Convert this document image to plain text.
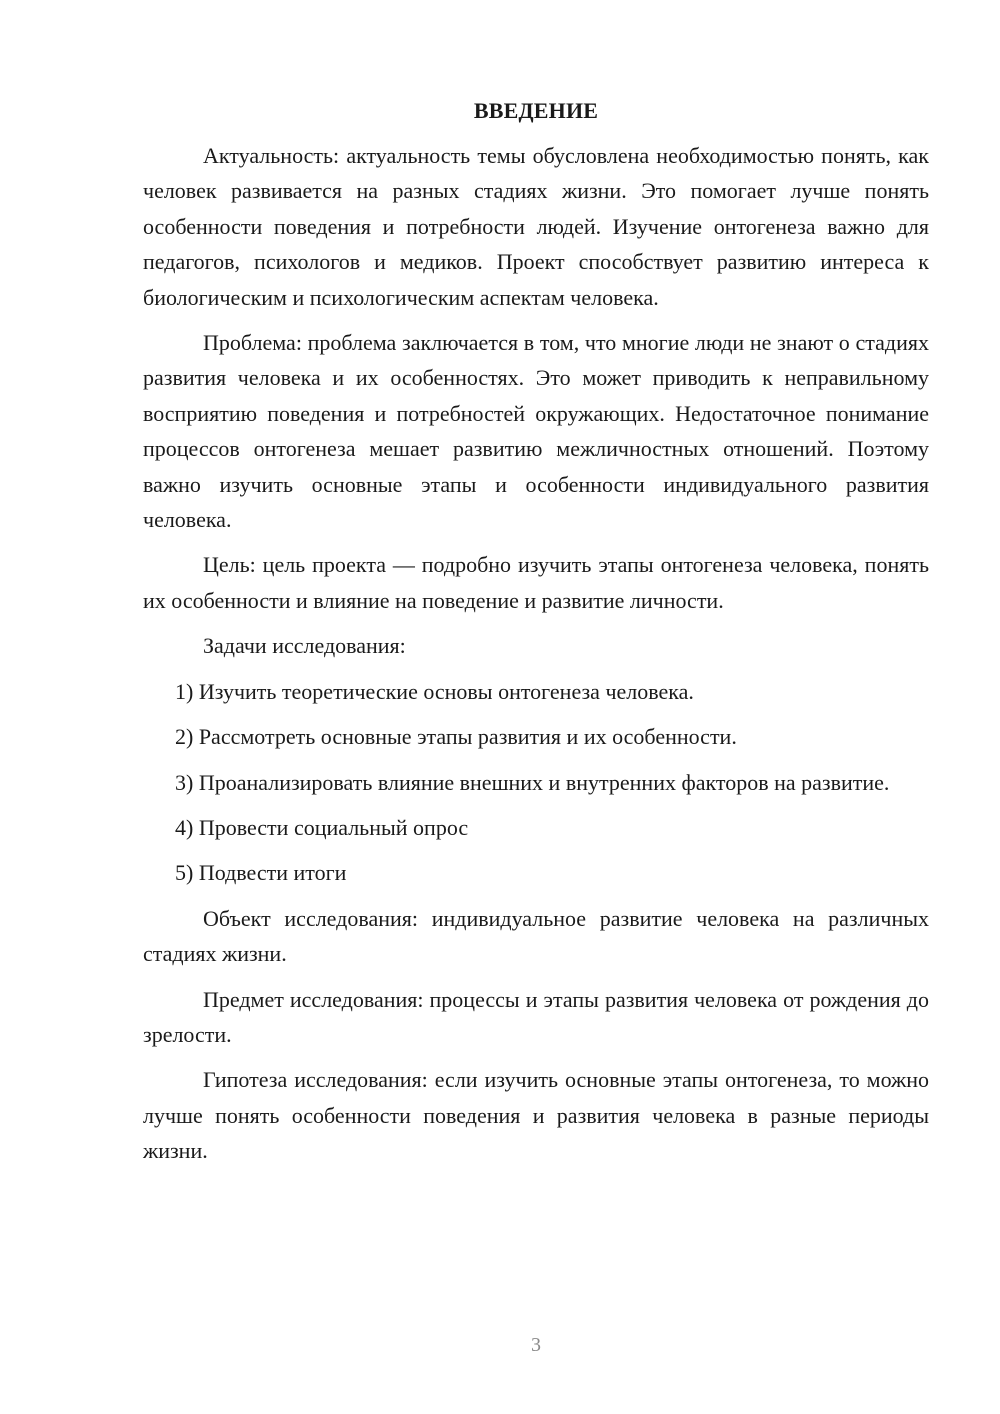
ВВЕДЕНИЕ

Актуальность: актуальность темы обусловлена необходимостью понять, как человек развивается на разных стадиях жизни. Это помогает лучше понять особенности поведения и потребности людей. Изучение онтогенеза важно для педагогов, психологов и медиков. Проект способствует развитию интереса к биологическим и психологическим аспектам человека.

Проблема: проблема заключается в том, что многие люди не знают о стадиях развития человека и их особенностях. Это может приводить к неправильному восприятию поведения и потребностей окружающих. Недостаточное понимание процессов онтогенеза мешает развитию межличностных отношений. Поэтому важно изучить основные этапы и особенности индивидуального развития человека.

Цель: цель проекта — подробно изучить этапы онтогенеза человека, понять их особенности и влияние на поведение и развитие личности.

Задачи исследования:

1) Изучить теоретические основы онтогенеза человека.

2) Рассмотреть основные этапы развития и их особенности.

3) Проанализировать влияние внешних и внутренних факторов на развитие.

4) Провести социальный опрос

5) Подвести итоги

Объект исследования: индивидуальное развитие человека на различных стадиях жизни.

Предмет исследования: процессы и этапы развития человека от рождения до зрелости.

Гипотеза исследования: если изучить основные этапы онтогенеза, то можно лучше понять особенности поведения и развития человека в разные периоды жизни.

3
